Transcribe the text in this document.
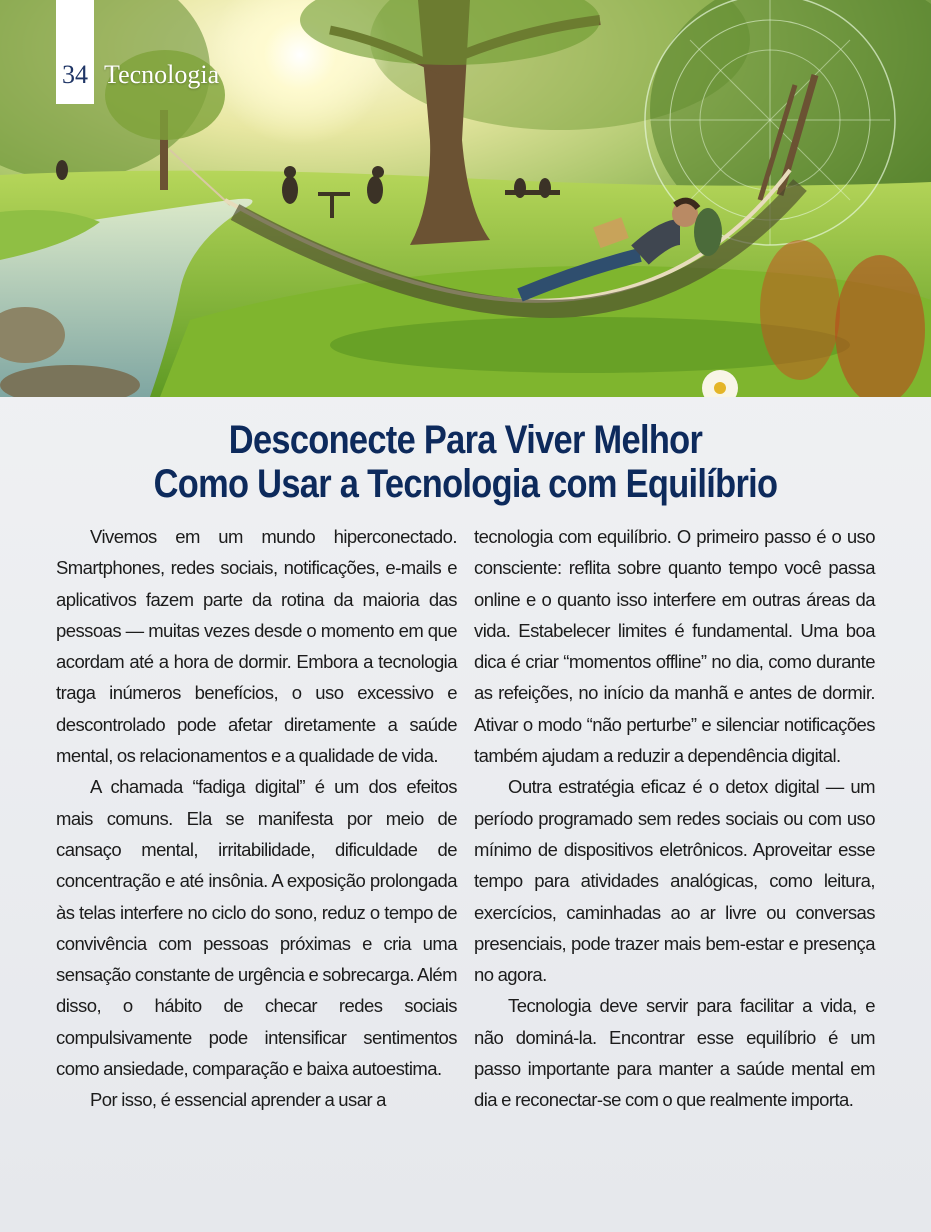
34 Tecnologia
Desconecte Para Viver Melhor
Como Usar a Tecnologia com Equilíbrio

Vivemos em um mundo hiperconectado. Smartphones, redes sociais, notificações, e-mails e aplicativos fazem parte da rotina da maioria das pessoas — muitas vezes desde o momento em que acordam até a hora de dormir. Embora a tecnologia traga inúmeros benefícios, o uso excessivo e descontrolado pode afetar diretamente a saúde mental, os relacionamentos e a qualidade de vida.

A chamada “fadiga digital” é um dos efeitos mais comuns. Ela se manifesta por meio de cansaço mental, irritabilidade, dificuldade de concentração e até insônia. A exposição prolongada às telas interfere no ciclo do sono, reduz o tempo de convivência com pessoas próximas e cria uma sensação constante de urgência e sobrecarga. Além disso, o hábito de checar redes sociais compulsivamente pode intensificar sentimentos como ansiedade, comparação e baixa autoestima.

Por isso, é essencial aprender a usar a

tecnologia com equilíbrio. O primeiro passo é o uso consciente: reflita sobre quanto tempo você passa online e o quanto isso interfere em outras áreas da vida. Estabelecer limites é fundamental. Uma boa dica é criar “momentos offline” no dia, como durante as refeições, no início da manhã e antes de dormir. Ativar o modo “não perturbe” e silenciar notificações também ajudam a reduzir a dependência digital.

Outra estratégia eficaz é o detox digital — um período programado sem redes sociais ou com uso mínimo de dispositivos eletrônicos. Aproveitar esse tempo para atividades analógicas, como leitura, exercícios, caminhadas ao ar livre ou conversas presenciais, pode trazer mais bem-estar e presença no agora.

Tecnologia deve servir para facilitar a vida, e não dominá-la. Encontrar esse equilíbrio é um passo importante para manter a saúde mental em dia e reconectar-se com o que realmente importa.
